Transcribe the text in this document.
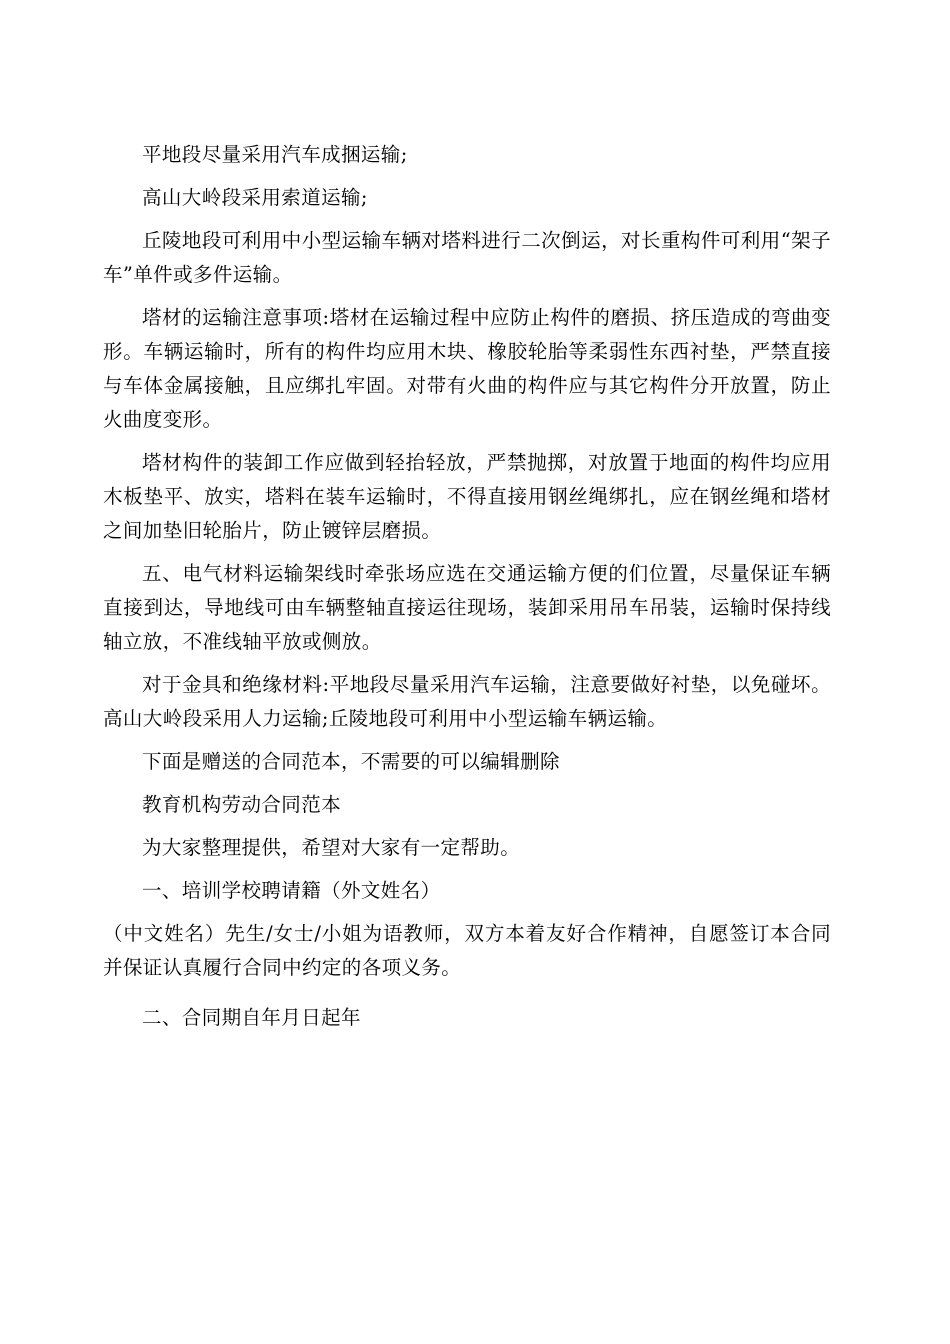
平地段尽量采用汽车成捆运输;

高山大岭段采用索道运输;

丘陵地段可利用中小型运输车辆对塔料进行二次倒运，对长重构件可利用“架子车”单件或多件运输。

塔材的运输注意事项:塔材在运输过程中应防止构件的磨损、挤压造成的弯曲变形。车辆运输时，所有的构件均应用木块、橡胶轮胎等柔弱性东西衬垫，严禁直接与车体金属接触，且应绑扎牢固。对带有火曲的构件应与其它构件分开放置，防止火曲度变形。

塔材构件的装卸工作应做到轻抬轻放，严禁抛掷，对放置于地面的构件均应用木板垫平、放实，塔料在装车运输时，不得直接用钢丝绳绑扎，应在钢丝绳和塔材之间加垫旧轮胎片，防止镀锌层磨损。

五、电气材料运输架线时牵张场应选在交通运输方便的们位置，尽量保证车辆直接到达，导地线可由车辆整轴直接运往现场，装卸采用吊车吊装，运输时保持线轴立放，不准线轴平放或侧放。

对于金具和绝缘材料:平地段尽量采用汽车运输，注意要做好衬垫，以免碰坏。高山大岭段采用人力运输;丘陵地段可利用中小型运输车辆运输。

下面是赠送的合同范本，不需要的可以编辑删除

教育机构劳动合同范本

为大家整理提供，希望对大家有一定帮助。

一、培训学校聘请籍（外文姓名）

（中文姓名）先生/女士/小姐为语教师，双方本着友好合作精神，自愿签订本合同并保证认真履行合同中约定的各项义务。

二、合同期自年月日起年
